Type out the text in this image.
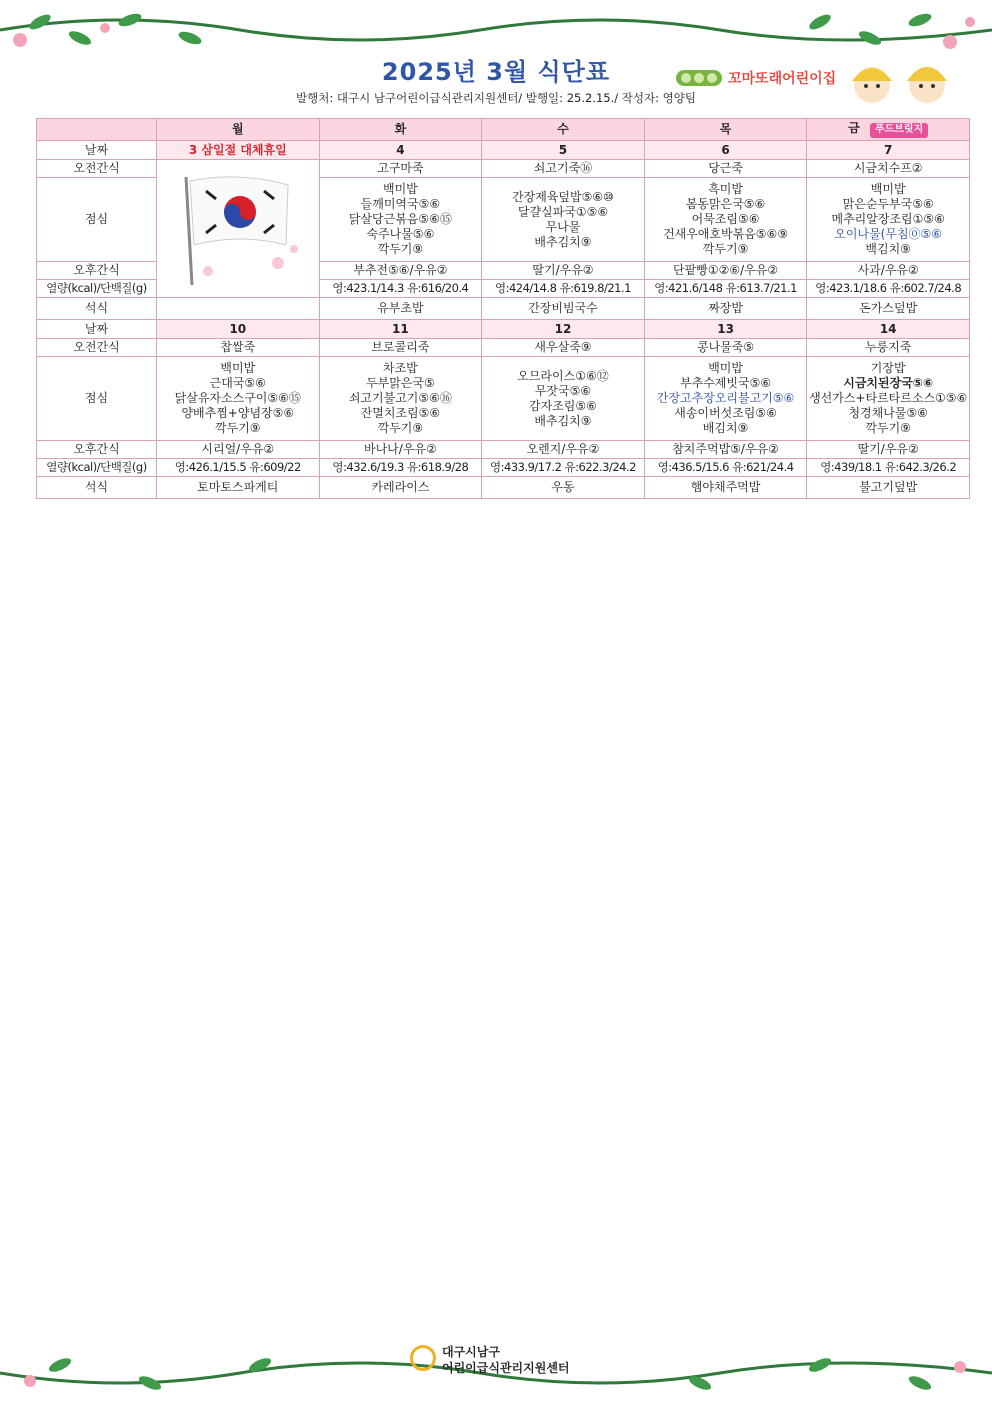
2025년 3월 식단표
발행처: 대구시 남구어린이급식관리지원센터/ 발행일: 25.2.15./ 작성자: 영양팀
꼬마또래어린이집
	월	화	수	목	금 푸드브릿지
날짜	3 삼일절 대체휴일	4	5	6	7
오전간식		고구마죽	쇠고기죽⑯	당근죽	시금치수프②
점심		백미밥
들깨미역국⑤⑥
닭살당근볶음⑤⑥⑮
숙주나물⑤⑥
깍두기⑨	간장제육덮밥⑤⑥⑩
달걀실파국①⑤⑥
무나물
배추김치⑨	흑미밥
봄동맑은국⑤⑥
어묵조림⑤⑥
건새우애호박볶음⑤⑥⑨
깍두기⑨	백미밥
맑은순두부국⑤⑥
메추리알장조림①⑤⑥
오이나물(무침⓪⑤⑥
백김치⑨

오후간식		부추전⑤⑥/우유②	딸기/우유②	단팥빵①②⑥/우유②	사과/우유②
열량(kcal)/단백질(g)		영:423.1/14.3 유:616/20.4	영:424/14.8 유:619.8/21.1	영:421.6/148 유:613.7/21.1	영:423.1/18.6 유:602.7/24.8
석식		유부초밥	간장비빔국수	짜장밥	돈가스덮밥
날짜	10	11	12	13	14
오전간식	찹쌀죽	브로콜리죽	새우살죽⑨	콩나물죽⑤	누룽지죽
점심	백미밥
근대국⑤⑥
닭살유자소스구이⑤⑥⑮
양배추찜+양념장⑤⑥
깍두기⑨	차조밥
두부맑은국⑤
쇠고기불고기⑤⑥⑯
잔멸치조림⑤⑥
깍두기⑨	오므라이스①⑥⑫
무잣국⑤⑥
감자조림⑤⑥
배추김치⑨	백미밥
부추수제빗국⑤⑥
간장고추장오리불고기⑤⑥
새송이버섯조림⑤⑥
배김치⑨	기장밥
시금치된장국⑤⑥
생선가스+타르타르소스①⑤⑥
청경채나물⑤⑥
깍두기⑨

오후간식	시리얼/우유②	바나나/우유②	오렌지/우유②	참치주먹밥⑤/우유②	딸기/우유②
열량(kcal)/단백질(g)	영:426.1/15.5 유:609/22	영:432.6/19.3 유:618.9/28	영:433.9/17.2 유:622.3/24.2	영:436.5/15.6 유:621/24.4	영:439/18.1 유:642.3/26.2
석식	토마토스파게티	카레라이스	우동	햄야채주먹밥	불고기덮밥
대구시남구
어린이급식관리지원센터
